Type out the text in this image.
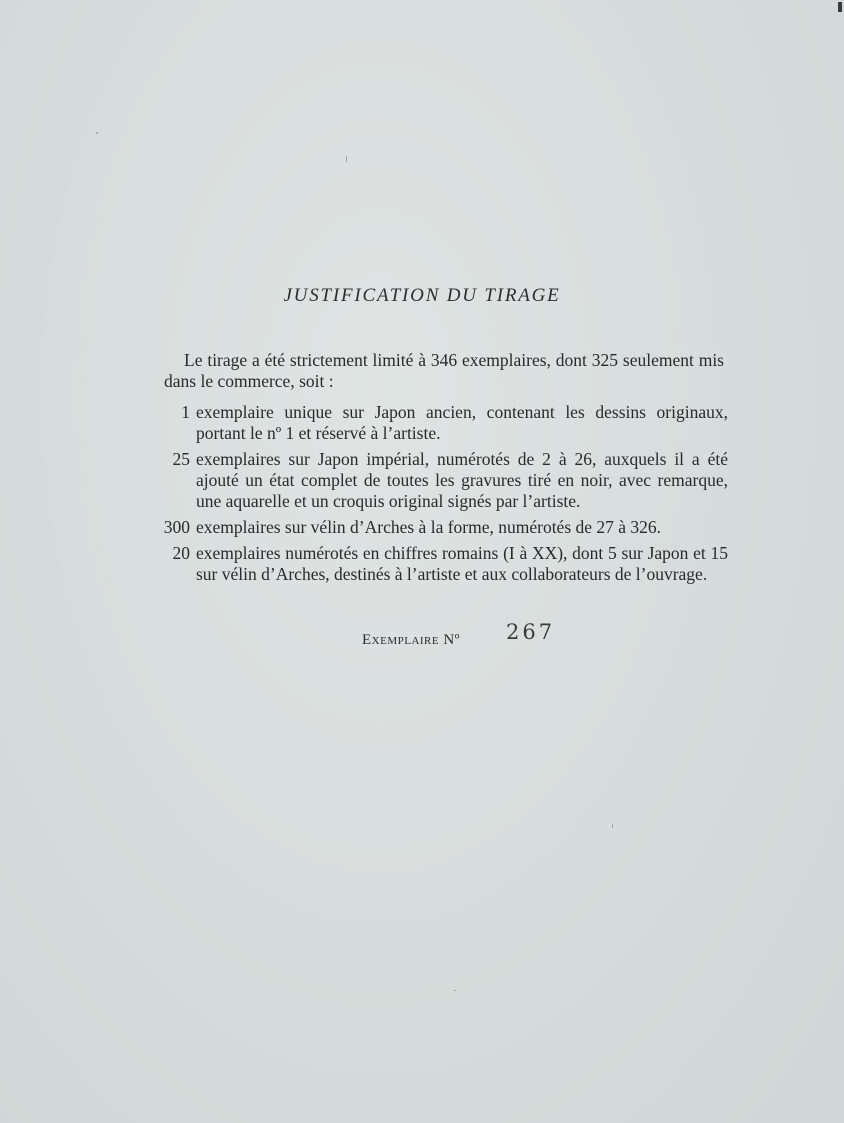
JUSTIFICATION DU TIRAGE
Le tirage a été strictement limité à 346 exemplaires, dont 325 seulement mis dans le commerce, soit :
1 exemplaire unique sur Japon ancien, contenant les dessins originaux, portant le nº 1 et réservé à l’artiste.
25 exemplaires sur Japon impérial, numérotés de 2 à 26, auxquels il a été ajouté un état complet de toutes les gravures tiré en noir, avec remarque, une aquarelle et un croquis original signés par l’artiste.
300 exemplaires sur vélin d’Arches à la forme, numérotés de 27 à 326.
20 exemplaires numérotés en chiffres romains (I à XX), dont 5 sur Japon et 15 sur vélin d’Arches, destinés à l’artiste et aux collaborateurs de l’ouvrage.
Exemplaire Nº 267
